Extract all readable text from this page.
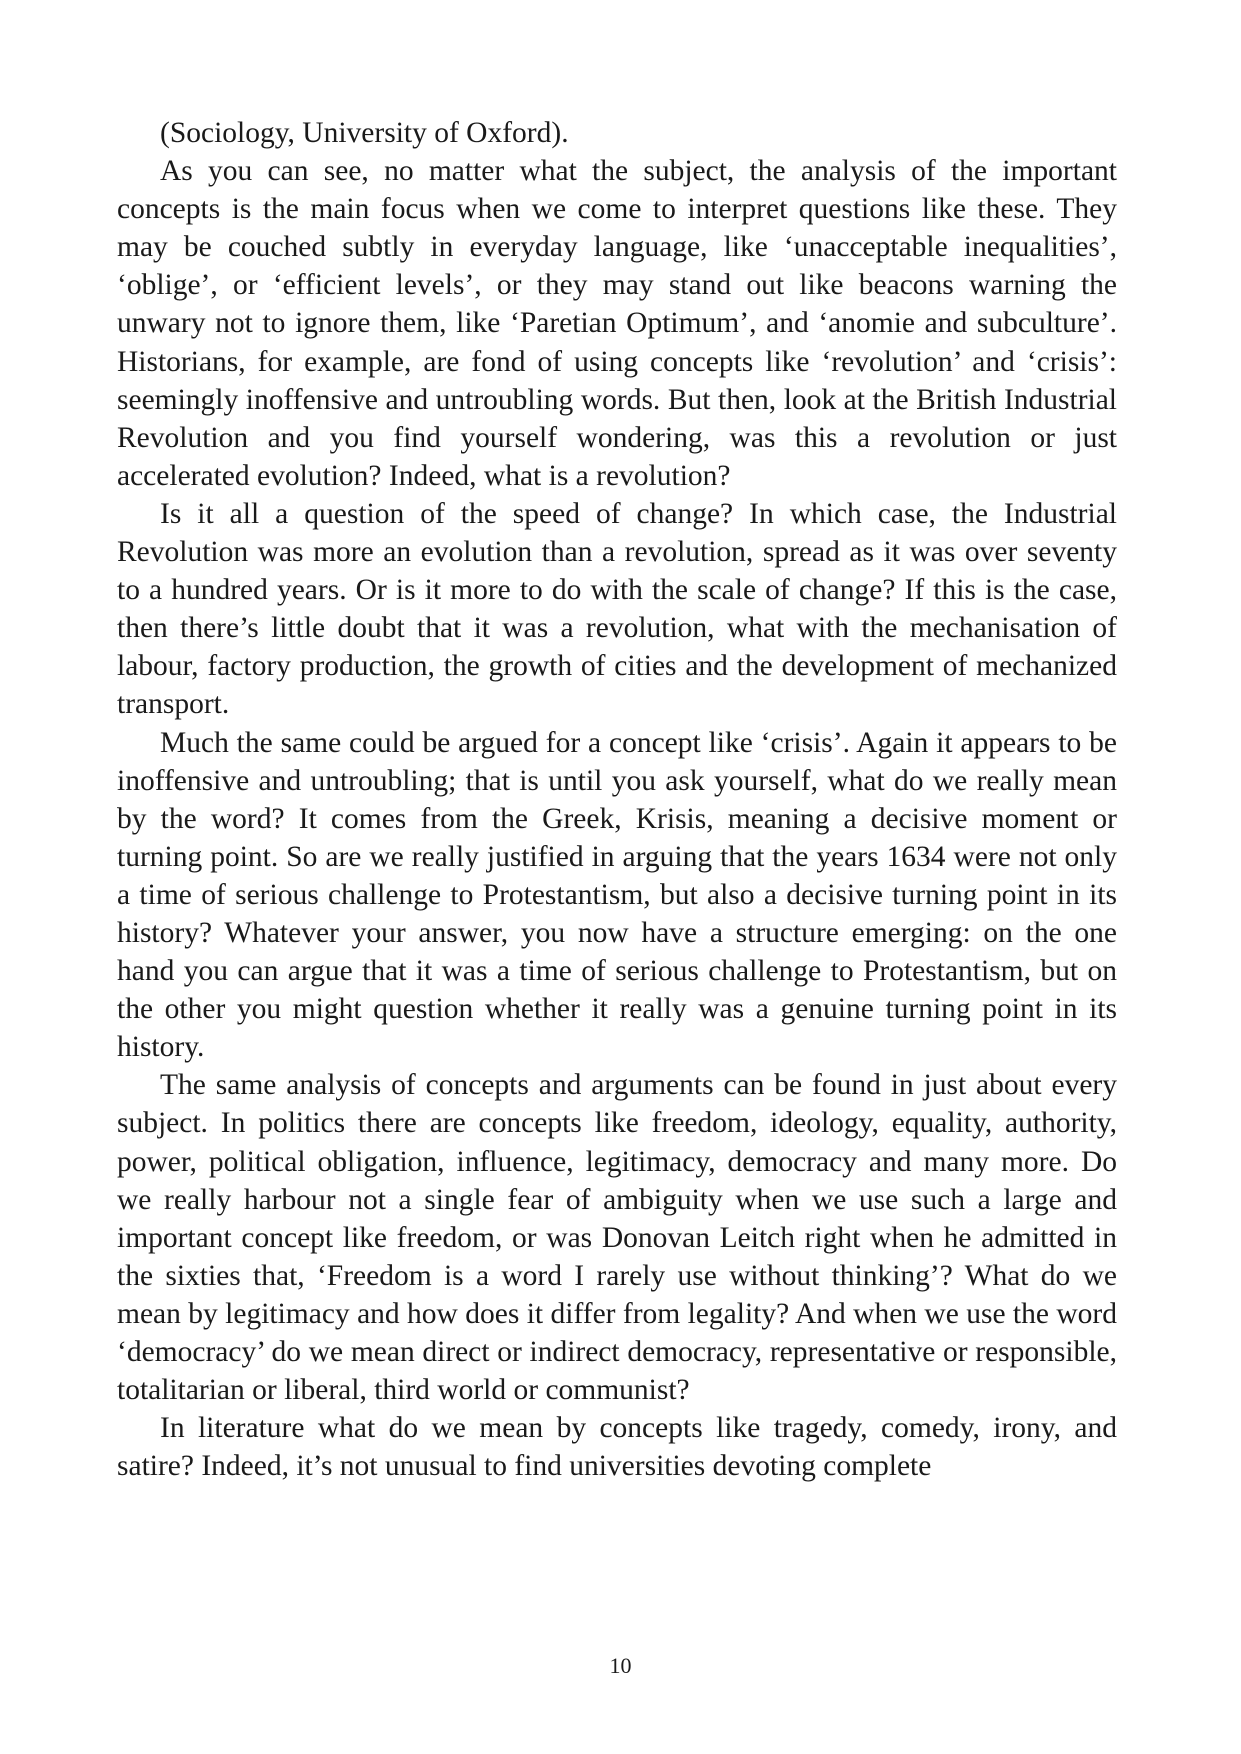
(Sociology, University of Oxford).

As you can see, no matter what the subject, the analysis of the important concepts is the main focus when we come to interpret questions like these. They may be couched subtly in everyday language, like ‘unacceptable inequalities’, ‘oblige’, or ‘efficient levels’, or they may stand out like beacons warning the unwary not to ignore them, like ‘Paretian Optimum’, and ‘anomie and subculture’. Historians, for example, are fond of using concepts like ‘revolution’ and ‘crisis’: seemingly inoffensive and untroubling words. But then, look at the British Industrial Revolution and you find yourself wondering, was this a revolution or just accelerated evolution? Indeed, what is a revolution?

Is it all a question of the speed of change? In which case, the Industrial Revolution was more an evolution than a revolution, spread as it was over seventy to a hundred years. Or is it more to do with the scale of change? If this is the case, then there’s little doubt that it was a revolution, what with the mechanisation of labour, factory production, the growth of cities and the development of mechanized transport.

Much the same could be argued for a concept like ‘crisis’. Again it appears to be inoffensive and untroubling; that is until you ask yourself, what do we really mean by the word? It comes from the Greek, Krisis, meaning a decisive moment or turning point. So are we really justified in arguing that the years 1634 were not only a time of serious challenge to Protestantism, but also a decisive turning point in its history? Whatever your answer, you now have a structure emerging: on the one hand you can argue that it was a time of serious challenge to Protestantism, but on the other you might question whether it really was a genuine turning point in its history.

The same analysis of concepts and arguments can be found in just about every subject. In politics there are concepts like freedom, ideology, equality, authority, power, political obligation, influence, legitimacy, democracy and many more. Do we really harbour not a single fear of ambiguity when we use such a large and important concept like freedom, or was Donovan Leitch right when he admitted in the sixties that, ‘Freedom is a word I rarely use without thinking’? What do we mean by legitimacy and how does it differ from legality? And when we use the word ‘democracy’ do we mean direct or indirect democracy, representative or responsible, totalitarian or liberal, third world or communist?

In literature what do we mean by concepts like tragedy, comedy, irony, and satire? Indeed, it’s not unusual to find universities devoting complete

10
